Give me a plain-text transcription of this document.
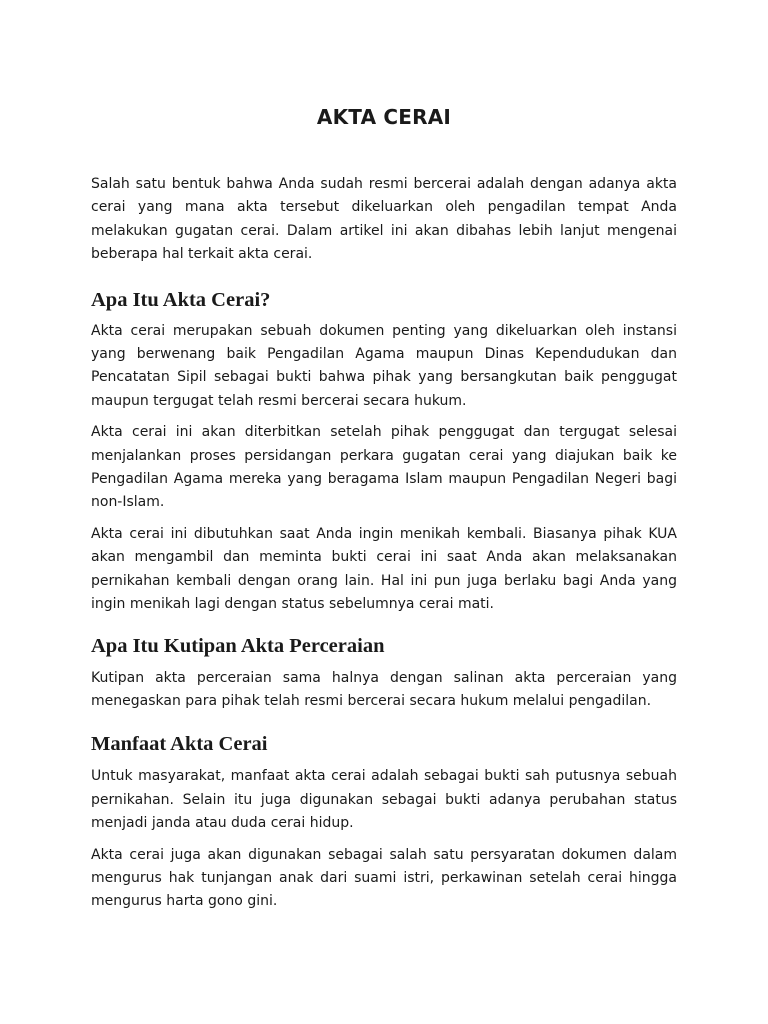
AKTA CERAI

Salah satu bentuk bahwa Anda sudah resmi bercerai adalah dengan adanya akta cerai yang mana akta tersebut dikeluarkan oleh pengadilan tempat Anda melakukan gugatan cerai. Dalam artikel ini akan dibahas lebih lanjut mengenai beberapa hal terkait akta cerai.

Apa Itu Akta Cerai?

Akta cerai merupakan sebuah dokumen penting yang dikeluarkan oleh instansi yang berwenang baik Pengadilan Agama maupun Dinas Kependudukan dan Pencatatan Sipil sebagai bukti bahwa pihak yang bersangkutan baik penggugat maupun tergugat telah resmi bercerai secara hukum.

Akta cerai ini akan diterbitkan setelah pihak penggugat dan tergugat selesai menjalankan proses persidangan perkara gugatan cerai yang diajukan baik ke Pengadilan Agama mereka yang beragama Islam maupun Pengadilan Negeri bagi non-Islam.

Akta cerai ini dibutuhkan saat Anda ingin menikah kembali. Biasanya pihak KUA akan mengambil dan meminta bukti cerai ini saat Anda akan melaksanakan pernikahan kembali dengan orang lain. Hal ini pun juga berlaku bagi Anda yang ingin menikah lagi dengan status sebelumnya cerai mati.

Apa Itu Kutipan Akta Perceraian

Kutipan akta perceraian sama halnya dengan salinan akta perceraian yang menegaskan para pihak telah resmi bercerai secara hukum melalui pengadilan.

Manfaat Akta Cerai

Untuk masyarakat, manfaat akta cerai adalah sebagai bukti sah putusnya sebuah pernikahan. Selain itu juga digunakan sebagai bukti adanya perubahan status menjadi janda atau duda cerai hidup.

Akta cerai juga akan digunakan sebagai salah satu persyaratan dokumen dalam mengurus hak tunjangan anak dari suami istri, perkawinan setelah cerai hingga mengurus harta gono gini.
